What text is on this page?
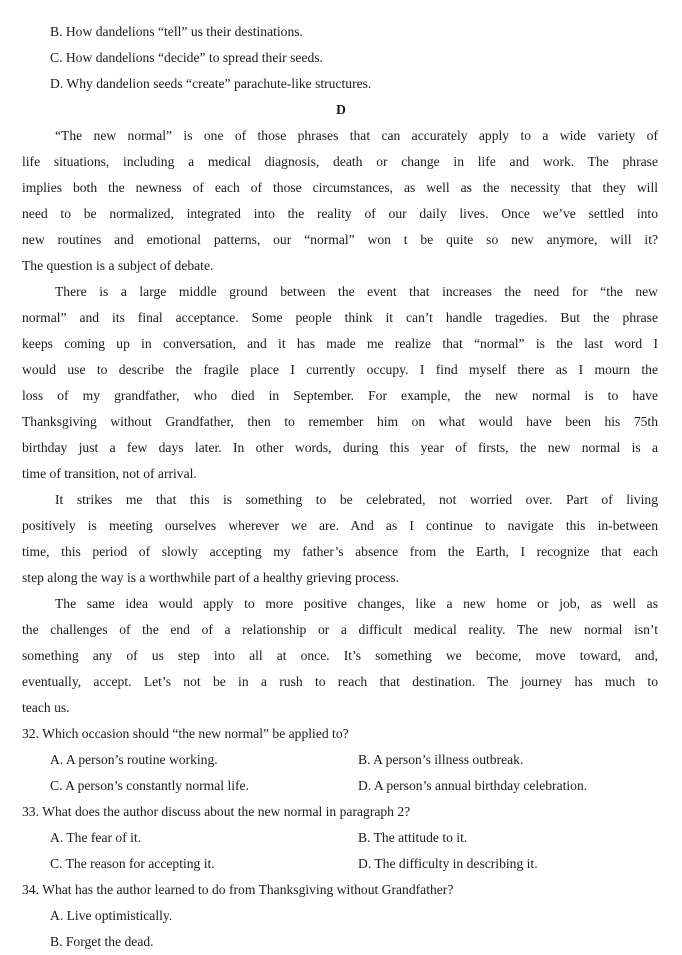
B. How dandelions “tell” us their destinations.
C. How dandelions “decide” to spread their seeds.
D. Why dandelion seeds “create” parachute-like structures.
D
“The new normal” is one of those phrases that can accurately apply to a wide variety of
life situations, including a medical diagnosis, death or change in life and work. The phrase
implies both the newness of each of those circumstances, as well as the necessity that they will
need to be normalized, integrated into the reality of our daily lives. Once we’ve settled into
new routines and emotional patterns, our “normal” won t be quite so new anymore, will it?
The question is a subject of debate.
There is a large middle ground between the event that increases the need for “the new
normal” and its final acceptance. Some people think it can’t handle tragedies. But the phrase
keeps coming up in conversation, and it has made me realize that “normal” is the last word I
would use to describe the fragile place I currently occupy. I find myself there as I mourn the
loss of my grandfather, who died in September. For example, the new normal is to have
Thanksgiving without Grandfather, then to remember him on what would have been his 75th
birthday just a few days later. In other words, during this year of firsts, the new normal is a
time of transition, not of arrival.
It strikes me that this is something to be celebrated, not worried over. Part of living
positively is meeting ourselves wherever we are. And as I continue to navigate this in-between
time, this period of slowly accepting my father’s absence from the Earth, I recognize that each
step along the way is a worthwhile part of a healthy grieving process.
The same idea would apply to more positive changes, like a new home or job, as well as
the challenges of the end of a relationship or a difficult medical reality. The new normal isn’t
something any of us step into all at once. It’s something we become, move toward, and,
eventually, accept. Let’s not be in a rush to reach that destination. The journey has much to
teach us.
32. Which occasion should “the new normal” be applied to?
A. A person’s routine working.	B. A person’s illness outbreak.
C. A person’s constantly normal life.	D. A person’s annual birthday celebration.
33. What does the author discuss about the new normal in paragraph 2?
A. The fear of it.	B. The attitude to it.
C. The reason for accepting it.	D. The difficulty in describing it.
34. What has the author learned to do from Thanksgiving without Grandfather?
A. Live optimistically.
B. Forget the dead.
